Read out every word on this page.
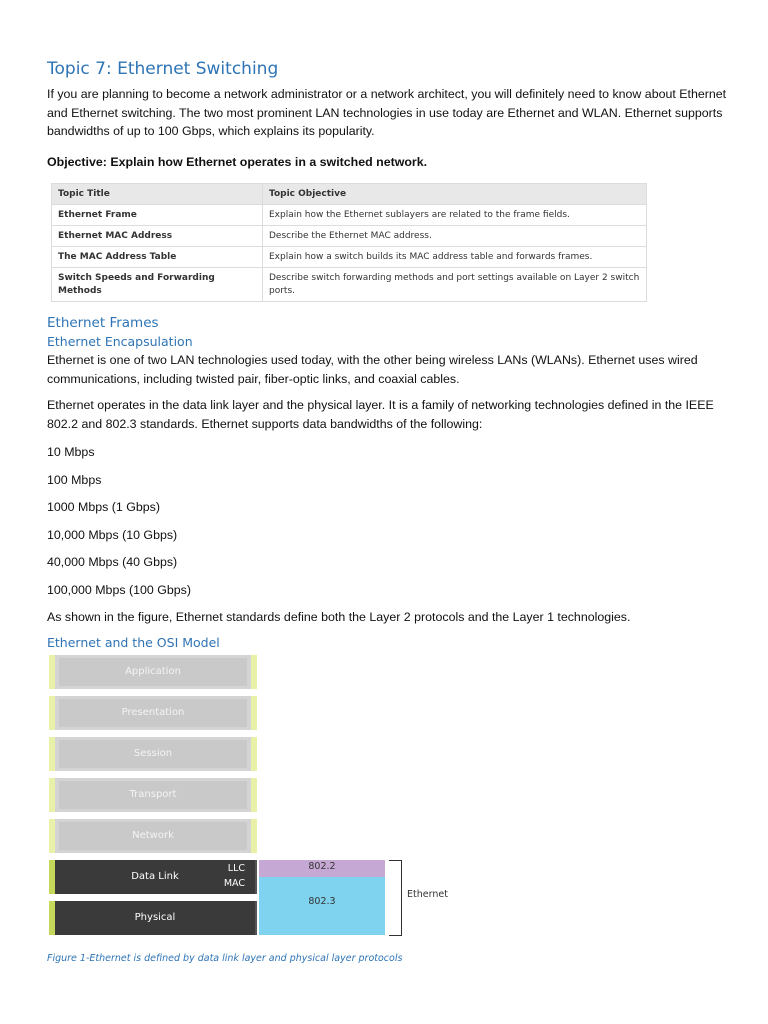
Topic 7: Ethernet Switching

If you are planning to become a network administrator or a network architect, you will definitely need to know about Ethernet and Ethernet switching. The two most prominent LAN technologies in use today are Ethernet and WLAN. Ethernet supports bandwidths of up to 100 Gbps, which explains its popularity.

Objective: Explain how Ethernet operates in a switched network.

Topic Title	Topic Objective
Ethernet Frame	Explain how the Ethernet sublayers are related to the frame fields.
Ethernet MAC Address	Describe the Ethernet MAC address.
The MAC Address Table	Explain how a switch builds its MAC address table and forwards frames.
Switch Speeds and Forwarding Methods	Describe switch forwarding methods and port settings available on Layer 2 switch ports.
Ethernet Frames
Ethernet Encapsulation

Ethernet is one of two LAN technologies used today, with the other being wireless LANs (WLANs). Ethernet uses wired communications, including twisted pair, fiber-optic links, and coaxial cables.

Ethernet operates in the data link layer and the physical layer. It is a family of networking technologies defined in the IEEE 802.2 and 802.3 standards. Ethernet supports data bandwidths of the following:

10 Mbps

100 Mbps

1000 Mbps (1 Gbps)

10,000 Mbps (10 Gbps)

40,000 Mbps (40 Gbps)

100,000 Mbps (100 Gbps)

As shown in the figure, Ethernet standards define both the Layer 2 protocols and the Layer 1 technologies.

Ethernet and the OSI Model
Application
Presentation
Session
Transport
Network
Data Link
LLC
MAC
Physical
802.2
802.3
Ethernet
Figure 1-Ethernet is defined by data link layer and physical layer protocols
